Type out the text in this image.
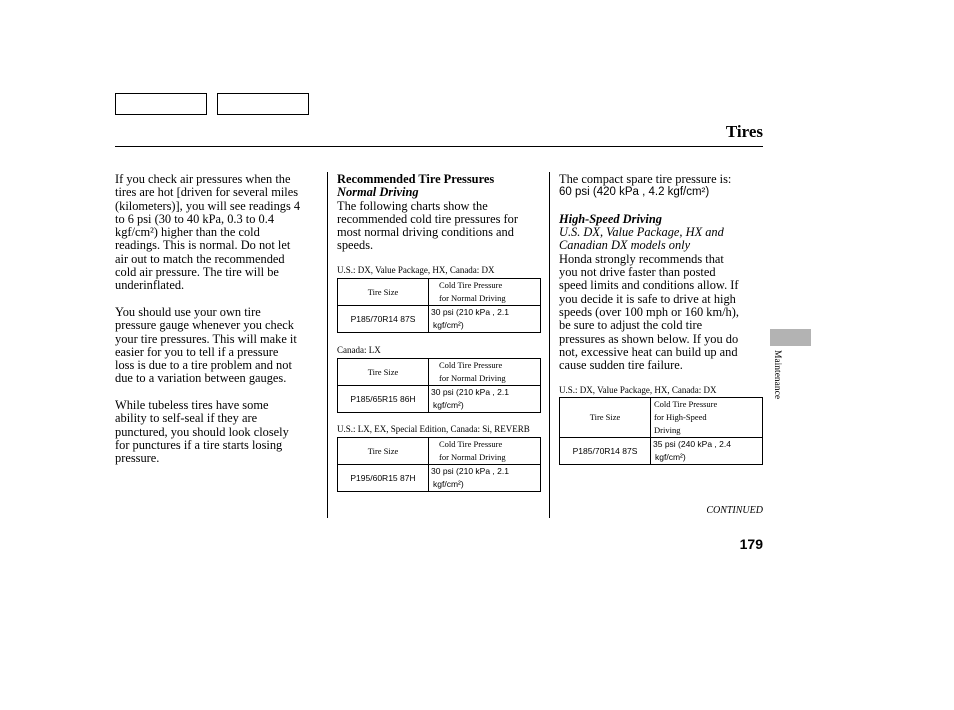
Tires

If you check air pressures when the
tires are hot [driven for several miles
(kilometers)], you will see readings 4
to 6 psi (30 to 40 kPa, 0.3 to 0.4
kgf/cm²) higher than the cold
readings. This is normal. Do not let
air out to match the recommended
cold air pressure. The tire will be
underinflated.

You should use your own tire
pressure gauge whenever you check
your tire pressures. This will make it
easier for you to tell if a pressure
loss is due to a tire problem and not
due to a variation between gauges.

While tubeless tires have some
ability to self-seal if they are
punctured, you should look closely
for punctures if a tire starts losing
pressure.

Recommended Tire Pressures
Normal Driving

The following charts show the
recommended cold tire pressures for
most normal driving conditions and
speeds.

U.S.: DX, Value Package, HX, Canada: DX
Tire Size	Cold Tire Pressure
for Normal Driving
P185/70R14 87S	30 psi (210 kPa , 2.1
kgf/cm²)
Canada: LX
Tire Size	Cold Tire Pressure
for Normal Driving
P185/65R15 86H	30 psi (210 kPa , 2.1
kgf/cm²)
U.S.: LX, EX, Special Edition, Canada: Si, REVERB
Tire Size	Cold Tire Pressure
for Normal Driving
P195/60R15 87H	30 psi (210 kPa , 2.1
kgf/cm²)
The compact spare tire pressure is:
60 psi (420 kPa , 4.2 kgf/cm²)
High-Speed Driving
U.S. DX, Value Package, HX and
Canadian DX models only

Honda strongly recommends that
you not drive faster than posted
speed limits and conditions allow. If
you decide it is safe to drive at high
speeds (over 100 mph or 160 km/h),
be sure to adjust the cold tire
pressures as shown below. If you do
not, excessive heat can build up and
cause sudden tire failure.

U.S.: DX, Value Package, HX, Canada: DX
Tire Size	Cold Tire Pressure
for High-Speed
Driving
P185/70R14 87S	35 psi (240 kPa , 2.4
kgf/cm²)
CONTINUED
179
Maintenance
